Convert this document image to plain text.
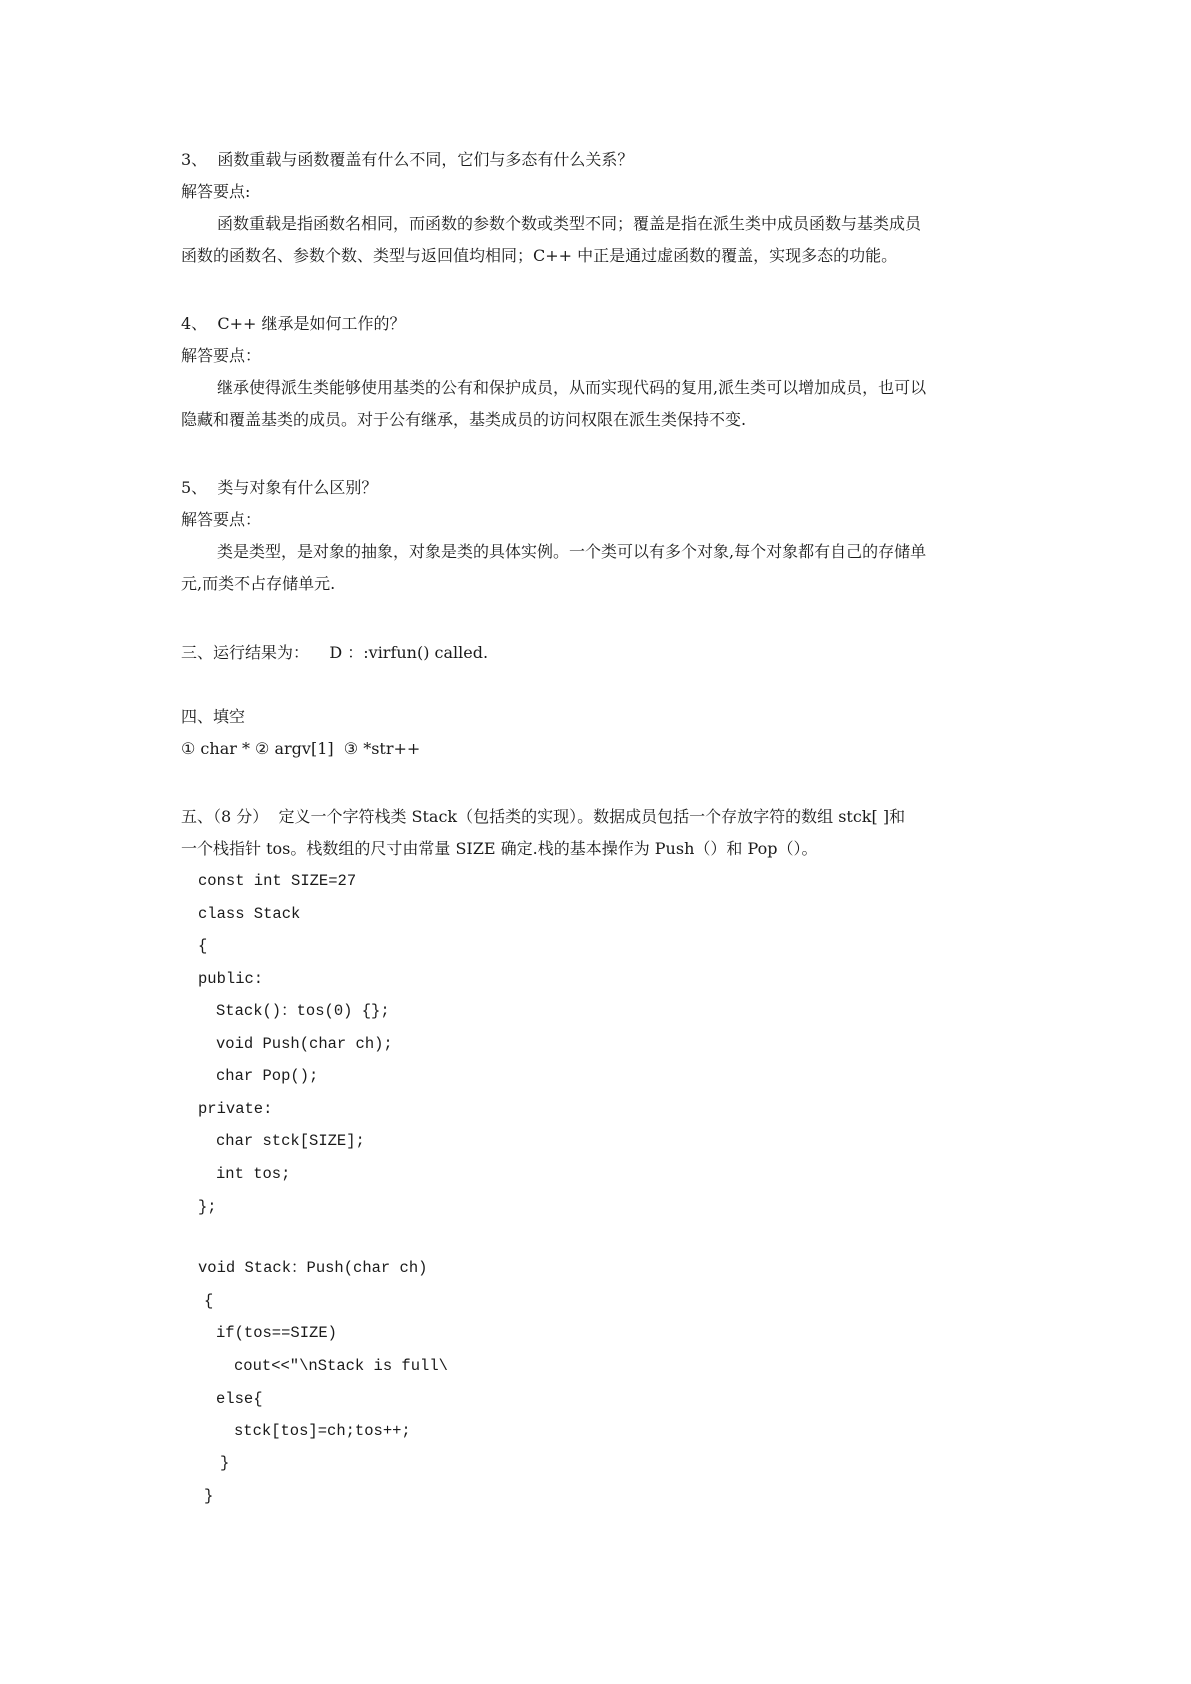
3、  函数重载与函数覆盖有什么不同，它们与多态有什么关系？
解答要点:
函数重载是指函数名相同，而函数的参数个数或类型不同；覆盖是指在派生类中成员函数与基类成员
函数的函数名、参数个数、类型与返回值均相同；C++ 中正是通过虚函数的覆盖，实现多态的功能。
4、  C++ 继承是如何工作的？
解答要点：
继承使得派生类能够使用基类的公有和保护成员，从而实现代码的复用,派生类可以增加成员，也可以
隐藏和覆盖基类的成员。对于公有继承，基类成员的访问权限在派生类保持不变.
5、  类与对象有什么区别？
解答要点：
类是类型，是对象的抽象，对象是类的具体实例。一个类可以有多个对象,每个对象都有自己的存储单
元,而类不占存储单元.
三、运行结果为：    D ：:virfun() called.
四、填空
① char * ② argv[1]  ③ *str++
五、（8 分）  定义一个字符栈类 Stack（包括类的实现）。数据成员包括一个存放字符的数组 stck[ ]和
一个栈指针 tos。栈数组的尺寸由常量 SIZE 确定.栈的基本操作为 Push（）和 Pop（）。
const int SIZE=27
class Stack
{
public:
Stack()：tos(0) {};
void Push(char ch);
char Pop();
private:
char stck[SIZE];
int tos;
};
void Stack：Push(char ch)
{
if(tos==SIZE)
cout<<"\nStack is full\
else{
stck[tos]=ch;tos++;
}
}
